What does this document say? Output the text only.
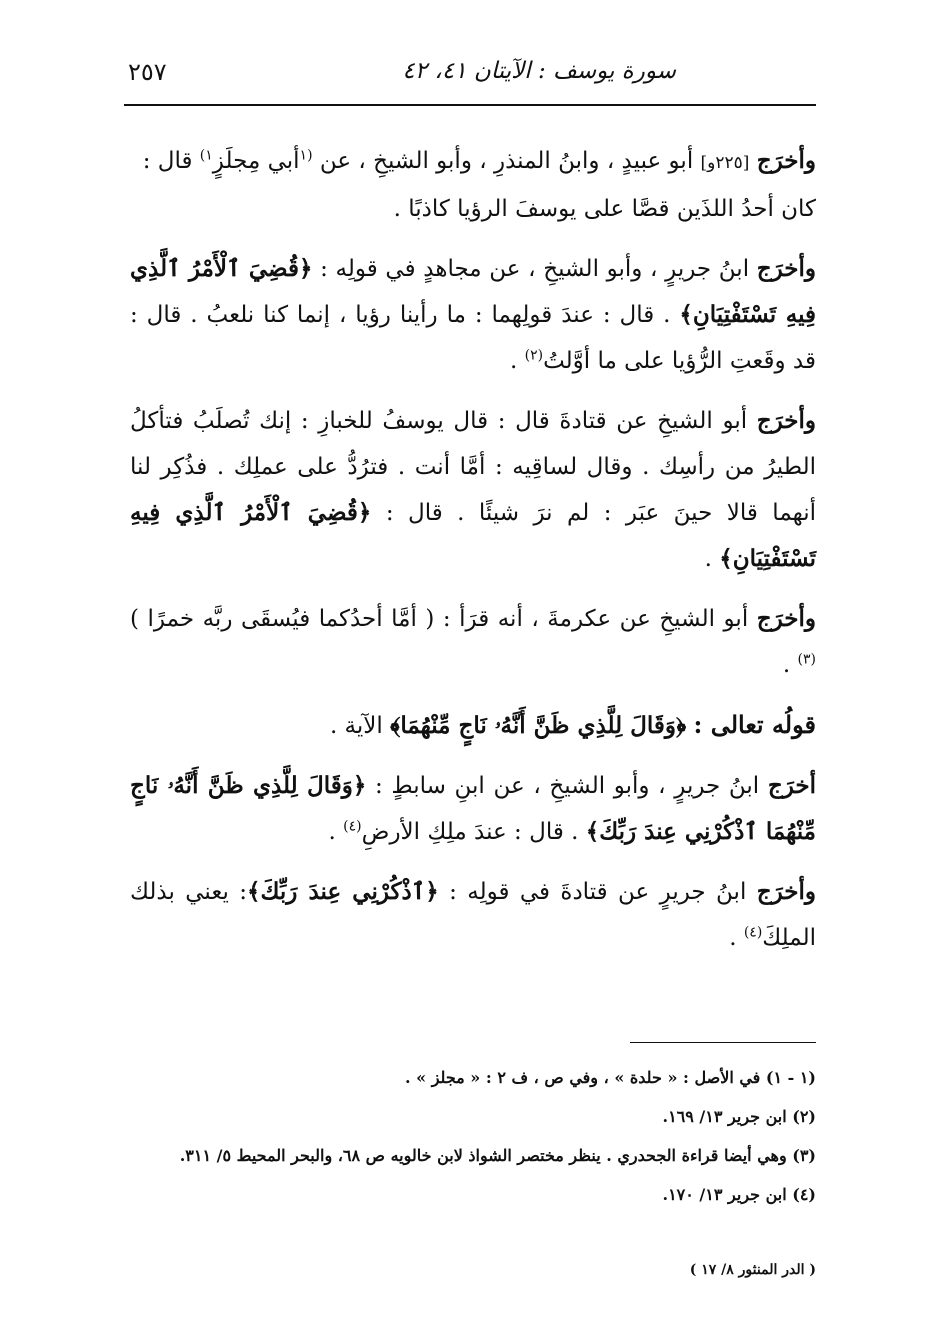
سورة يوسف : الآيتان ٤١، ٤٢
٢٥٧

وأخرَج [٢٢٥و] أبو عبيدٍ ، وابنُ المنذرِ ، وأبو الشيخِ ، عن $^{(١}$أبي مِجلَزٍ$^{١)}$ قال :

كان أحدُ اللذَين قصَّا على يوسفَ الرؤيا كاذبًا .

وأخرَج ابنُ جريرٍ ، وأبو الشيخِ ، عن مجاهدٍ في قولِه : ﴿قُضِيَ ٱلْأَمْرُ ٱلَّذِي فِيهِ تَسْتَفْتِيَانِ﴾ . قال : عندَ قولِهما : ما رأينا رؤيا ، إنما كنا نلعبُ . قال : قد وقَعتِ الرُّؤيا على ما أوَّلتُ$^{(٢)}$ .

وأخرَج أبو الشيخِ عن قتادةَ قال : قال يوسفُ للخبازِ : إنك تُصلَبُ فتأكلُ الطيرُ من رأسِك . وقال لساقِيه : أمَّا أنت . فترُدُّ على عملِك . فذُكِر لنا أنهما قالا حينَ عبَر : لم نرَ شيئًا . قال : ﴿قُضِيَ ٱلْأَمْرُ ٱلَّذِي فِيهِ تَسْتَفْتِيَانِ﴾ .

وأخرَج أبو الشيخِ عن عكرمةَ ، أنه قرَأ : ( أمَّا أحدُكما فيُسقَى ربَّه خمرًا )$^{(٣)}$ .

قولُه تعالى : ﴿وَقَالَ لِلَّذِي ظَنَّ أَنَّهُۥ نَاجٍ مِّنْهُمَا﴾ الآية .

أخرَج ابنُ جريرٍ ، وأبو الشيخِ ، عن ابنِ سابطٍ : ﴿وَقَالَ لِلَّذِي ظَنَّ أَنَّهُۥ نَاجٍ مِّنْهُمَا ٱذْكُرْنِي عِندَ رَبِّكَ﴾ . قال : عندَ ملِكِ الأرضِ$^{(٤)}$ .

وأخرَج ابنُ جريرٍ عن قتادةَ في قولِه : ﴿ٱذْكُرْنِي عِندَ رَبِّكَ﴾: يعني بذلك الملِكَ$^{(٤)}$ .

(١ - ١) في الأصل : « حلدة » ، وفي ص ، ف ٢ : « مجلز » .

(٢) ابن جرير ١٣/ ١٦٩.

(٣) وهي أيضا قراءة الجحدري . ينظر مختصر الشواذ لابن خالويه ص ٦٨، والبحر المحيط ٥/ ٣١١.

(٤) ابن جرير ١٣/ ١٧٠.

( الدر المنثور ٨/ ١٧ )
